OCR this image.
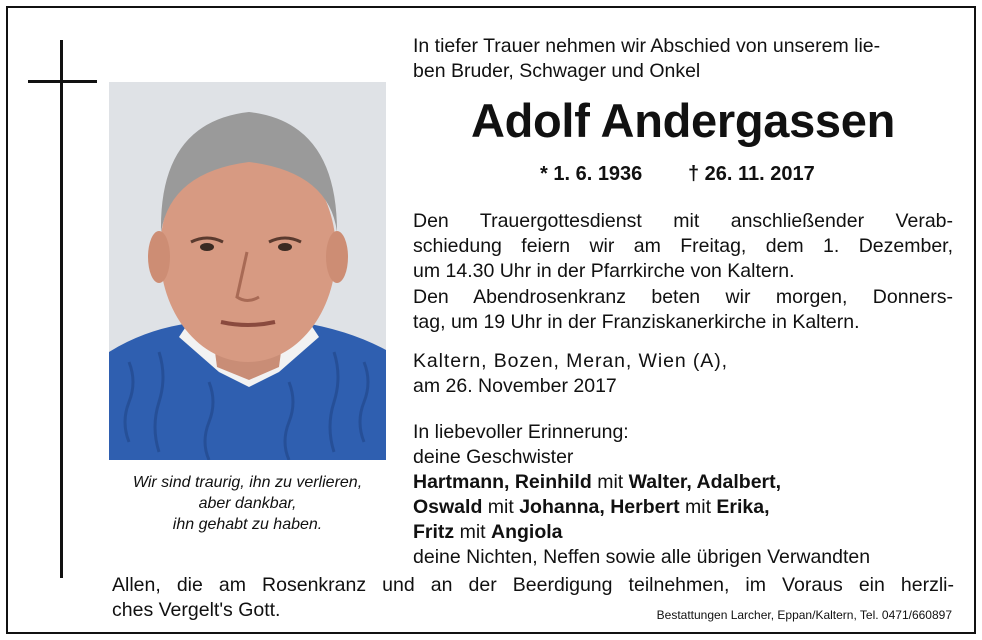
Wir sind traurig, ihn zu verlieren,
aber dankbar,
ihn gehabt zu haben.
In tiefer Trauer nehmen wir Abschied von unserem lie-
ben Bruder, Schwager und Onkel
Adolf Andergassen
* 1. 6. 1936 † 26. 11. 2017
Den Trauergottesdienst mit anschließender Verab-
schiedung feiern wir am Freitag, dem 1. Dezember,
um 14.30 Uhr in der Pfarrkirche von Kaltern.
Den Abendrosenkranz beten wir morgen, Donners-
tag, um 19 Uhr in der Franziskanerkirche in Kaltern.
Kaltern, Bozen, Meran, Wien (A),
am 26. November 2017
In liebevoller Erinnerung:
deine Geschwister
Hartmann, Reinhild mit Walter, Adalbert,
Oswald mit Johanna, Herbert mit Erika,
Fritz mit Angiola
deine Nichten, Neffen sowie alle übrigen Verwandten
Allen, die am Rosenkranz und an der Beerdigung teilnehmen, im Voraus ein herzli-
ches Vergelt's Gott.	Bestattungen Larcher, Eppan/Kaltern, Tel. 0471/660897
